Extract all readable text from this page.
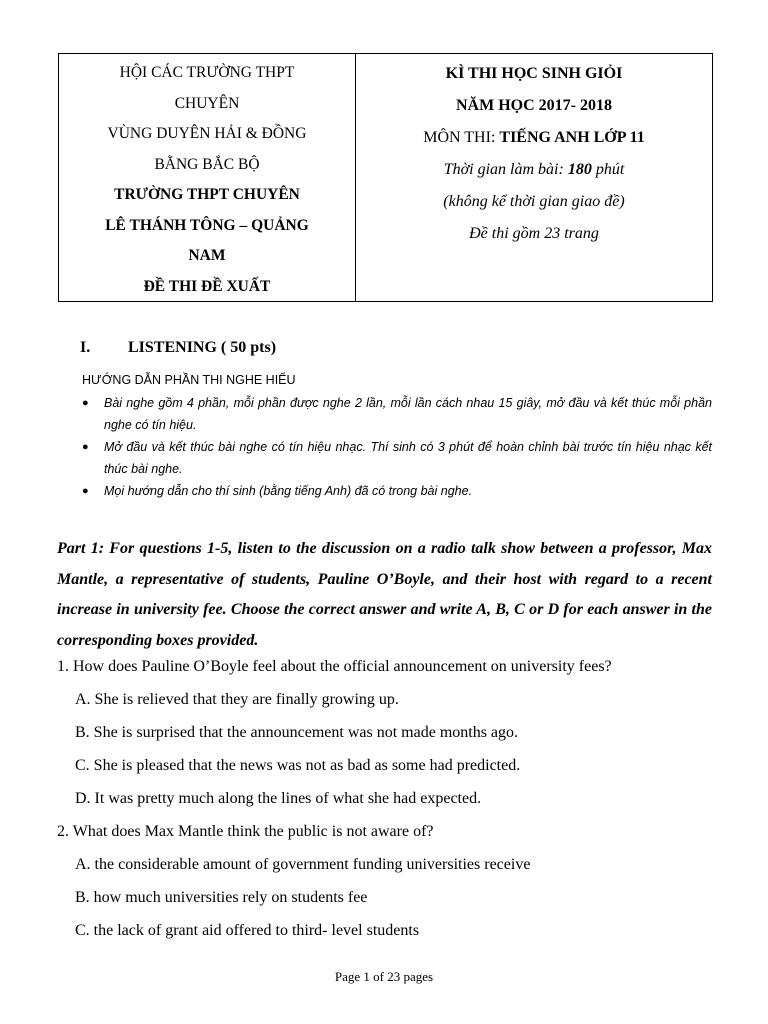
HỘI CÁC TRƯỜNG THPT
CHUYÊN
VÙNG DUYÊN HẢI & ĐỒNG
BẰNG BẮC BỘ
TRƯỜNG THPT CHUYÊN
LÊ THÁNH TÔNG – QUẢNG
NAM
ĐỀ THI ĐỀ XUẤT
KÌ THI HỌC SINH GIỎI
NĂM HỌC 2017- 2018
MÔN THI: TIẾNG ANH LỚP 11
Thời gian làm bài: 180 phút
(không kể thời gian giao đề)
Đề thi gồm 23 trang
I. LISTENING ( 50 pts)
HƯỚNG DẪN PHẦN THI NGHE HIỂU
● Bài nghe gồm 4 phần, mỗi phần được nghe 2 lần, mỗi lần cách nhau 15 giây, mở đầu và kết thúc mỗi phần nghe có tín hiệu.
● Mở đầu và kết thúc bài nghe có tín hiệu nhạc. Thí sinh có 3 phút để hoàn chỉnh bài trước tín hiệu nhạc kết thúc bài nghe.
● Mọi hướng dẫn cho thí sinh (bằng tiếng Anh) đã có trong bài nghe.
Part 1: For questions 1-5, listen to the discussion on a radio talk show between a professor, Max Mantle, a representative of students, Pauline O’Boyle, and their host with regard to a recent increase in university fee. Choose the correct answer and write A, B, C or D for each answer in the corresponding boxes provided.
1. How does Pauline O’Boyle feel about the official announcement on university fees?
A. She is relieved that they are finally growing up.
B. She is surprised that the announcement was not made months ago.
C. She is pleased that the news was not as bad as some had predicted.
D. It was pretty much along the lines of what she had expected.
2. What does Max Mantle think the public is not aware of?
A. the considerable amount of government funding universities receive
B. how much universities rely on students fee
C. the lack of grant aid offered to third- level students
Page 1 of 23 pages
